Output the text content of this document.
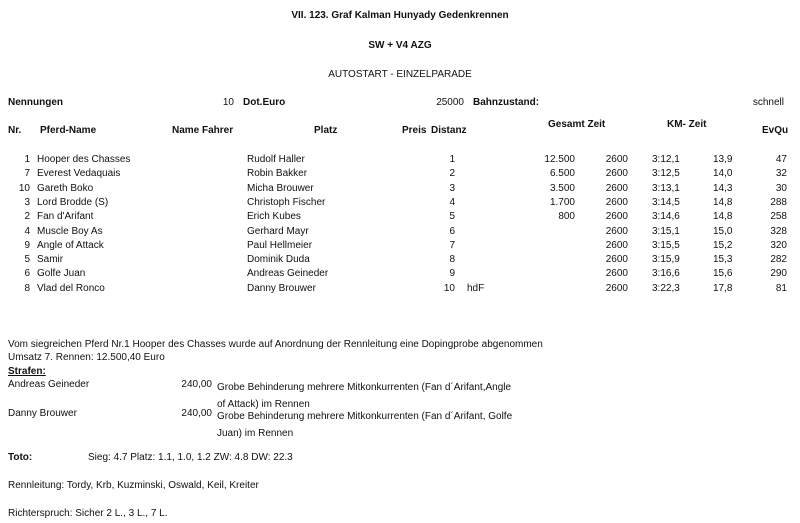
VII. 123. Graf Kalman Hunyady Gedenkrennen
SW + V4 AZG
AUTOSTART - EINZELPARADE
Nennungen	10 Dot.Euro	25000 Bahnzustand:	schnell
Nr. Pferd-Name	Name Fahrer	Platz	Preis Distanz
Gesamt Zeit	KM- Zeit
EvQu
1 Hooper des Chasses	Rudolf Haller	1	12.500	2600 3:12,1	13,9	47
7 Everest Vedaquais	Robin Bakker	2	6.500	2600 3:12,5	14,0	32
10 Gareth Boko	Micha Brouwer	3	3.500	2600 3:13,1	14,3	30
3 Lord Brodde (S)	Christoph Fischer	4	1.700	2600 3:14,5	14,8	288
2 Fan d'Arifant	Erich Kubes	5	800	2600 3:14,6	14,8	258
4 Muscle Boy As	Gerhard Mayr	6	2600 3:15,1	15,0	328
9 Angle of Attack	Paul Hellmeier	7	2600 3:15,5	15,2	320
5 Samir	Dominik Duda	8	2600 3:15,9	15,3	282
6 Golfe Juan	Andreas Geineder	9	2600 3:16,6	15,6	290
8 Vlad del Ronco	Danny Brouwer	10 hdF	2600 3:22,3	17,8	81
Vom siegreichen Pferd Nr.1 Hooper des Chasses wurde auf Anordnung der Rennleitung eine Dopingprobe abgenommen
Umsatz 7. Rennen: 12.500,40 Euro
Strafen:
Andreas Geineder	240,00 Grobe Behinderung mehrere Mitkonkurrenten (Fan d´Arifant,Angle of Attack) im Rennen
Danny Brouwer	240,00 Grobe Behinderung mehrere Mitkonkurrenten (Fan d´Arifant, Golfe Juan) im Rennen
Toto:	Sieg: 4.7 Platz: 1.1, 1.0, 1.2 ZW: 4.8 DW: 22.3
Rennleitung: Tordy, Krb, Kuzminski, Oswald, Keil, Kreiter
Richterspruch: Sicher 2 L., 3 L., 7 L.
